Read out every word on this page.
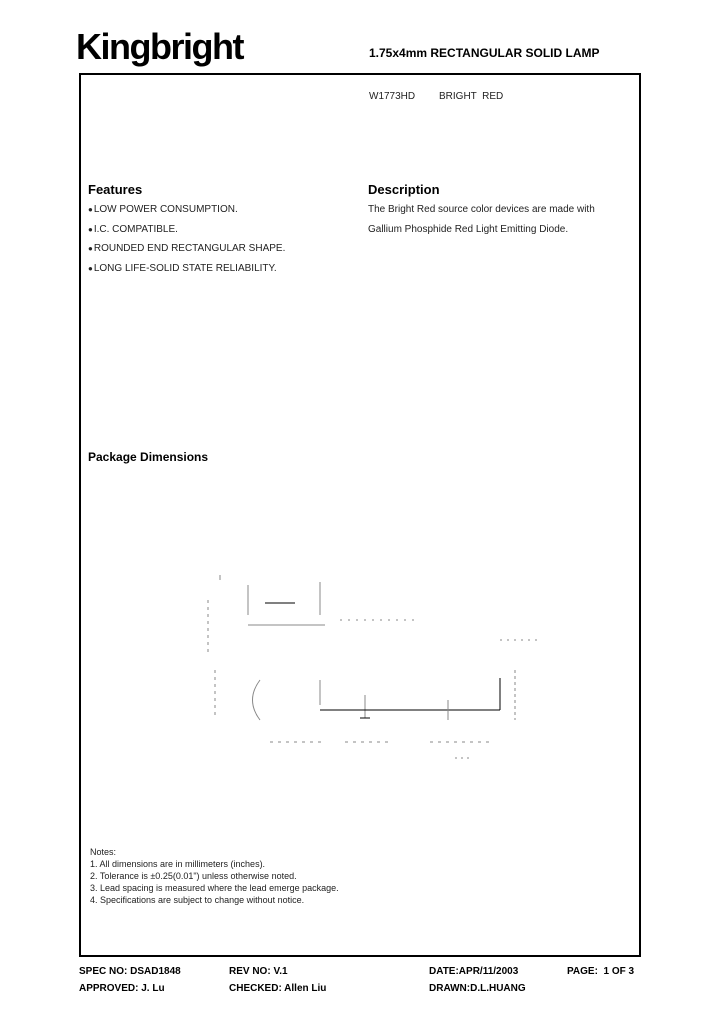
Kingbright	1.75x4mm RECTANGULAR SOLID LAMP
W1773HD BRIGHT  RED
Features
●LOW POWER CONSUMPTION.
●I.C. COMPATIBLE.
●ROUNDED END RECTANGULAR SHAPE.
●LONG LIFE-SOLID STATE RELIABILITY.
Description
The Bright Red source color devices are made with
Gallium Phosphide Red Light Emitting Diode.
Package Dimensions
Notes:
1. All dimensions are in millimeters (inches).
2. Tolerance is ±0.25(0.01") unless otherwise noted.
3. Lead spacing is measured where the lead emerge package.
4. Specifications are subject to change without notice.
SPEC NO: DSAD1848	REV NO: V.1	DATE:APR/11/2003	PAGE:  1 OF 3
APPROVED: J. Lu	CHECKED: Allen Liu	DRAWN:D.L.HUANG
